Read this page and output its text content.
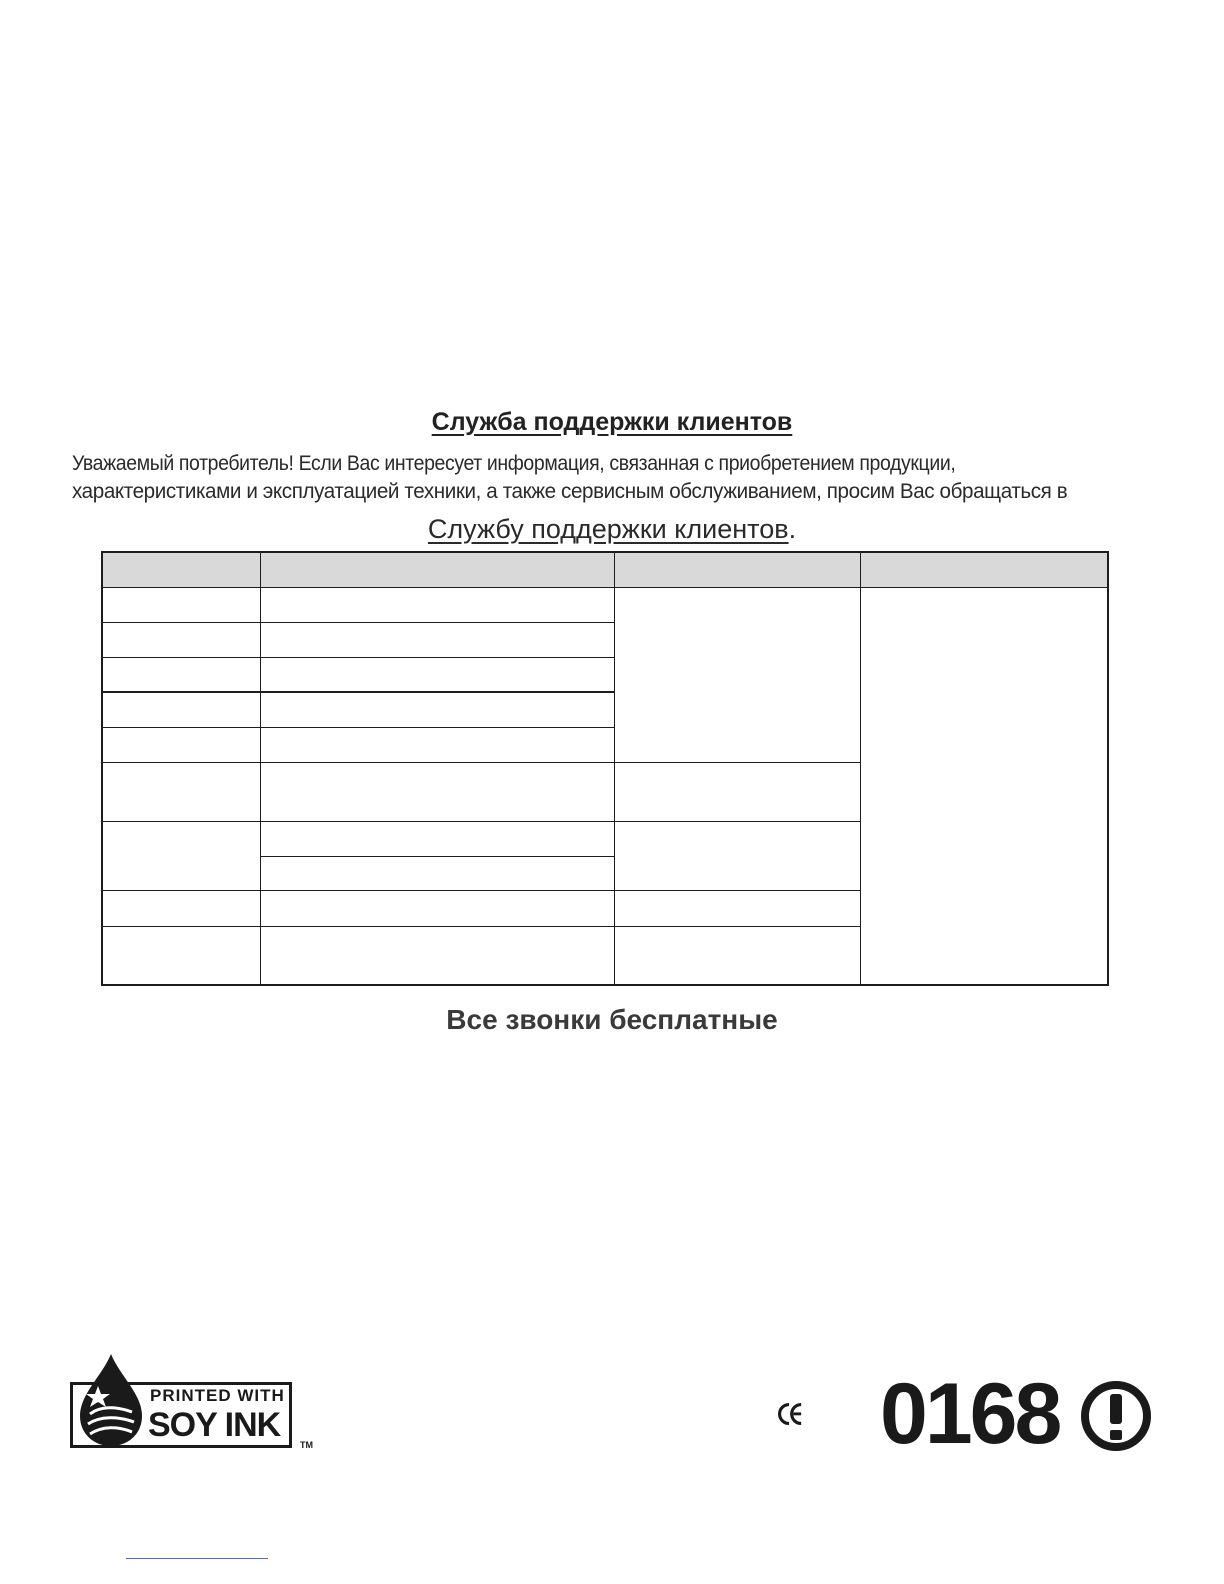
Служба поддержки клиентов

Уважаемый потребитель! Если Вас интересует информация, связанная с приобретением продукции,

характеристиками и эксплуатацией техники, а также сервисным обслуживанием, просим Вас обращаться в

Службу поддержки клиентов.

Все звонки бесплатные

PRINTED WITH
SOY INK
TM	0168
